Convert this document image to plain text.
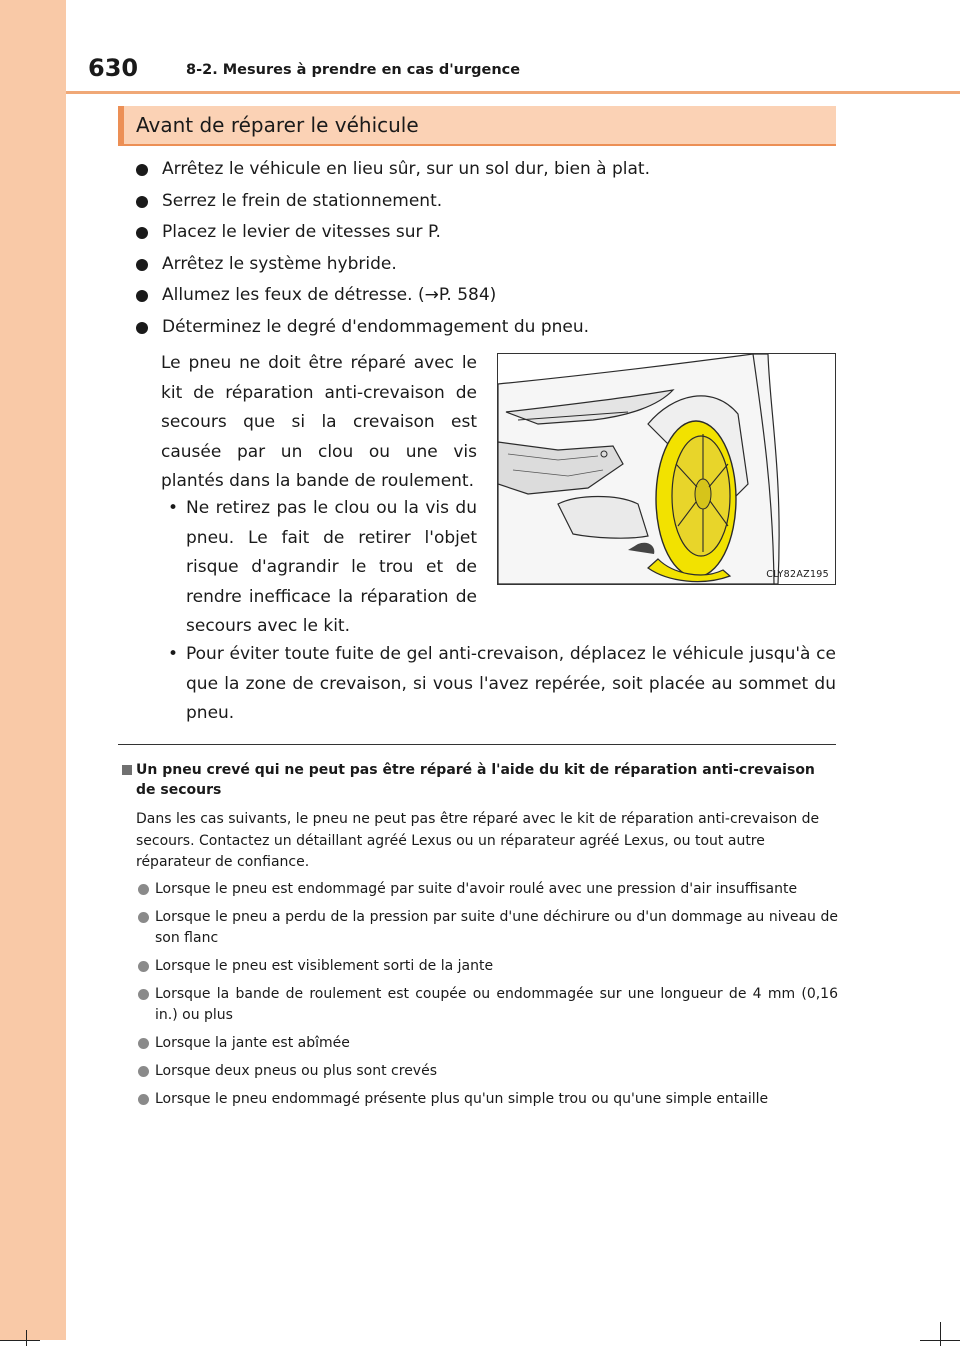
630	8-2. Mesures à prendre en cas d'urgence
Avant de réparer le véhicule
Arrêtez le véhicule en lieu sûr, sur un sol dur, bien à plat.
Serrez le frein de stationnement.
Placez le levier de vitesses sur P.
Arrêtez le système hybride.
Allumez les feux de détresse. (→P. 584)
Déterminez le degré d'endommagement du pneu.
Le pneu ne doit être réparé avec le kit de réparation anti-crevaison de secours que si la crevaison est causée par un clou ou une vis plantés dans la bande de roulement.
• Ne retirez pas le clou ou la vis du pneu. Le fait de retirer l'objet risque d'agrandir le trou et de rendre inefficace la réparation de secours avec le kit.
• Pour éviter toute fuite de gel anti-crevaison, déplacez le véhicule jusqu'à ce que la zone de crevaison, si vous l'avez repérée, soit placée au sommet du pneu.
CLY82AZ195
Un pneu crevé qui ne peut pas être réparé à l'aide du kit de réparation anti-crevaison de secours
Dans les cas suivants, le pneu ne peut pas être réparé avec le kit de réparation anti-crevaison de secours. Contactez un détaillant agréé Lexus ou un réparateur agréé Lexus, ou tout autre réparateur de confiance.
Lorsque le pneu est endommagé par suite d'avoir roulé avec une pression d'air insuffisante
Lorsque le pneu a perdu de la pression par suite d'une déchirure ou d'un dommage au niveau de son flanc
Lorsque le pneu est visiblement sorti de la jante
Lorsque la bande de roulement est coupée ou endommagée sur une longueur de 4 mm (0,16 in.) ou plus
Lorsque la jante est abîmée
Lorsque deux pneus ou plus sont crevés
Lorsque le pneu endommagé présente plus qu'un simple trou ou qu'une simple entaille
